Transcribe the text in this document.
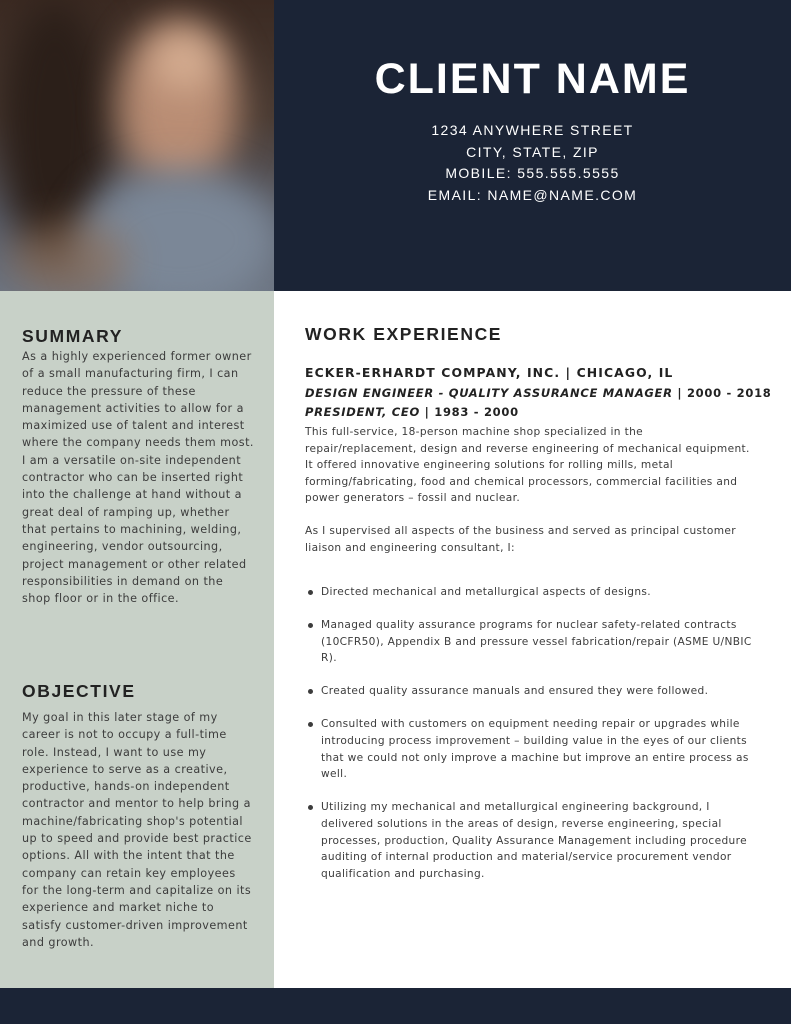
CLIENT NAME
1234 ANYWHERE STREET
CITY, STATE, ZIP
MOBILE: 555.555.5555
EMAIL: NAME@NAME.COM
SUMMARY
As a highly experienced former owner of a small manufacturing firm, I can reduce the pressure of these management activities to allow for a maximized use of talent and interest where the company needs them most. I am a versatile on-site independent contractor who can be inserted right into the challenge at hand without a great deal of ramping up, whether that pertains to machining, welding, engineering, vendor outsourcing, project management or other related responsibilities in demand on the shop floor or in the office.
OBJECTIVE
My goal in this later stage of my career is not to occupy a full-time role. Instead, I want to use my experience to serve as a creative, productive, hands-on independent contractor and mentor to help bring a machine/fabricating shop's potential up to speed and provide best practice options. All with the intent that the company can retain key employees for the long-term and capitalize on its experience and market niche to satisfy customer-driven improvement and growth.
WORK EXPERIENCE
ECKER-ERHARDT COMPANY, INC. | CHICAGO, IL
DESIGN ENGINEER - QUALITY ASSURANCE MANAGER | 2000 - 2018
PRESIDENT, CEO | 1983 - 2000
This full-service, 18-person machine shop specialized in the repair/replacement, design and reverse engineering of mechanical equipment. It offered innovative engineering solutions for rolling mills, metal forming/fabricating, food and chemical processors, commercial facilities and power generators – fossil and nuclear.
As I supervised all aspects of the business and served as principal customer liaison and engineering consultant, I:
Directed mechanical and metallurgical aspects of designs.
Managed quality assurance programs for nuclear safety-related contracts (10CFR50), Appendix B and pressure vessel fabrication/repair (ASME U/NBIC R).
Created quality assurance manuals and ensured they were followed.
Consulted with customers on equipment needing repair or upgrades while introducing process improvement – building value in the eyes of our clients that we could not only improve a machine but improve an entire process as well.
Utilizing my mechanical and metallurgical engineering background, I delivered solutions in the areas of design, reverse engineering, special processes, production, Quality Assurance Management including procedure auditing of internal production and material/service procurement vendor qualification and purchasing.
